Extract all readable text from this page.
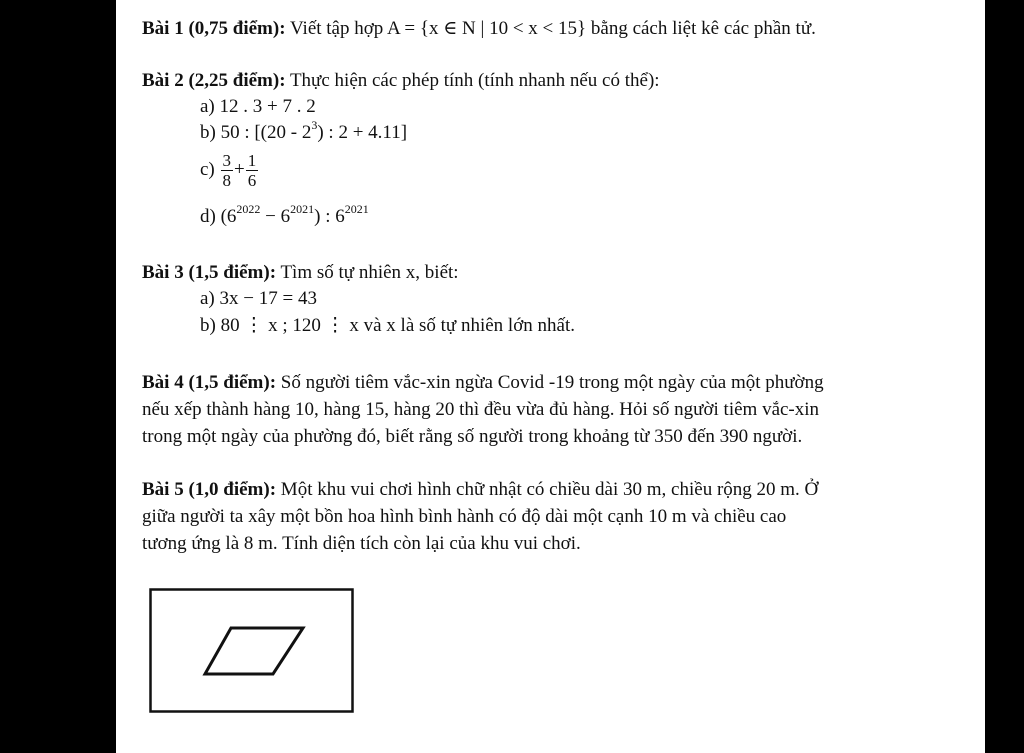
Bài 1 (0,75 điểm): Viết tập hợp A = {x ∈ N | 10 < x < 15} bằng cách liệt kê các phần tử.
Bài 2 (2,25 điểm): Thực hiện các phép tính (tính nhanh nếu có thể):
a) 12 . 3 + 7 . 2
b) 50 : [$(20 - 2^3)$ : 2 + 4.11]
$c) \frac{3}{8} + \frac{1}{6}$
d) $(6^{2022} - 6^{2021})$ : $6^{2021}$
Bài 3 (1,5 điểm): Tìm số tự nhiên x, biết:
a) 3x − 17 = 43
b) 80 ⋮ x ; 120 ⋮ x và x là số tự nhiên lớn nhất.
Bài 4 (1,5 điểm): Số người tiêm vắc-xin ngừa Covid -19 trong một ngày của một phường
nếu xếp thành hàng 10, hàng 15, hàng 20 thì đều vừa đủ hàng. Hỏi số người tiêm vắc-xin
trong một ngày của phường đó, biết rằng số người trong khoảng từ 350 đến 390 người.
Bài 5 (1,0 điểm): Một khu vui chơi hình chữ nhật có chiều dài 30 m, chiều rộng 20 m. Ở
giữa người ta xây một bồn hoa hình bình hành có độ dài một cạnh 10 m và chiều cao
tương ứng là 8 m. Tính diện tích còn lại của khu vui chơi.
